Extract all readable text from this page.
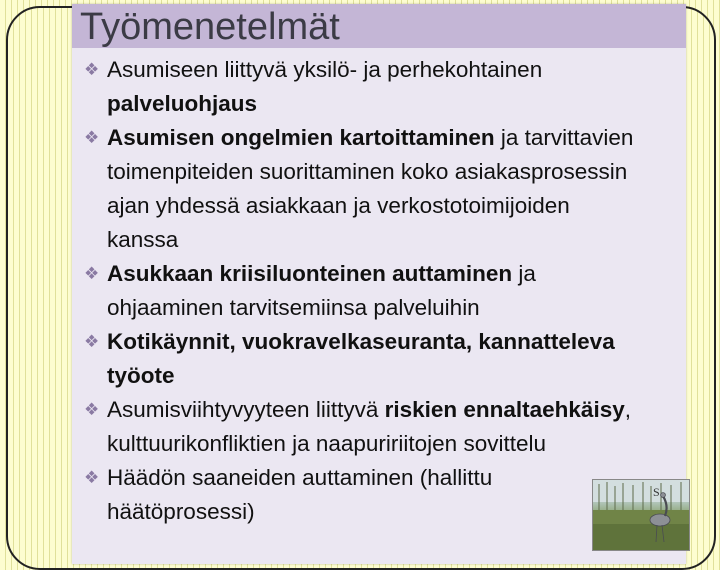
Työmenetelmät
❖ Asumiseen liittyvä yksilö- ja perhekohtainen palveluohjaus
❖ Asumisen ongelmien kartoittaminen ja tarvittavien toimenpiteiden suorittaminen koko asiakasprosessin ajan yhdessä asiakkaan ja verkostotoimijoiden kanssa
❖ Asukkaan kriisiluonteinen auttaminen ja ohjaaminen tarvitsemiinsa palveluihin
❖ Kotikäynnit, vuokravelkaseuranta, kannatteleva työote
❖ Asumisviihtyvyyteen liittyvä riskien ennaltaehkäisy, kulttuurikonfliktien ja naapuririitojen sovittelu
❖ Häädön saaneiden auttaminen (hallittu häätöprosessi)
S
